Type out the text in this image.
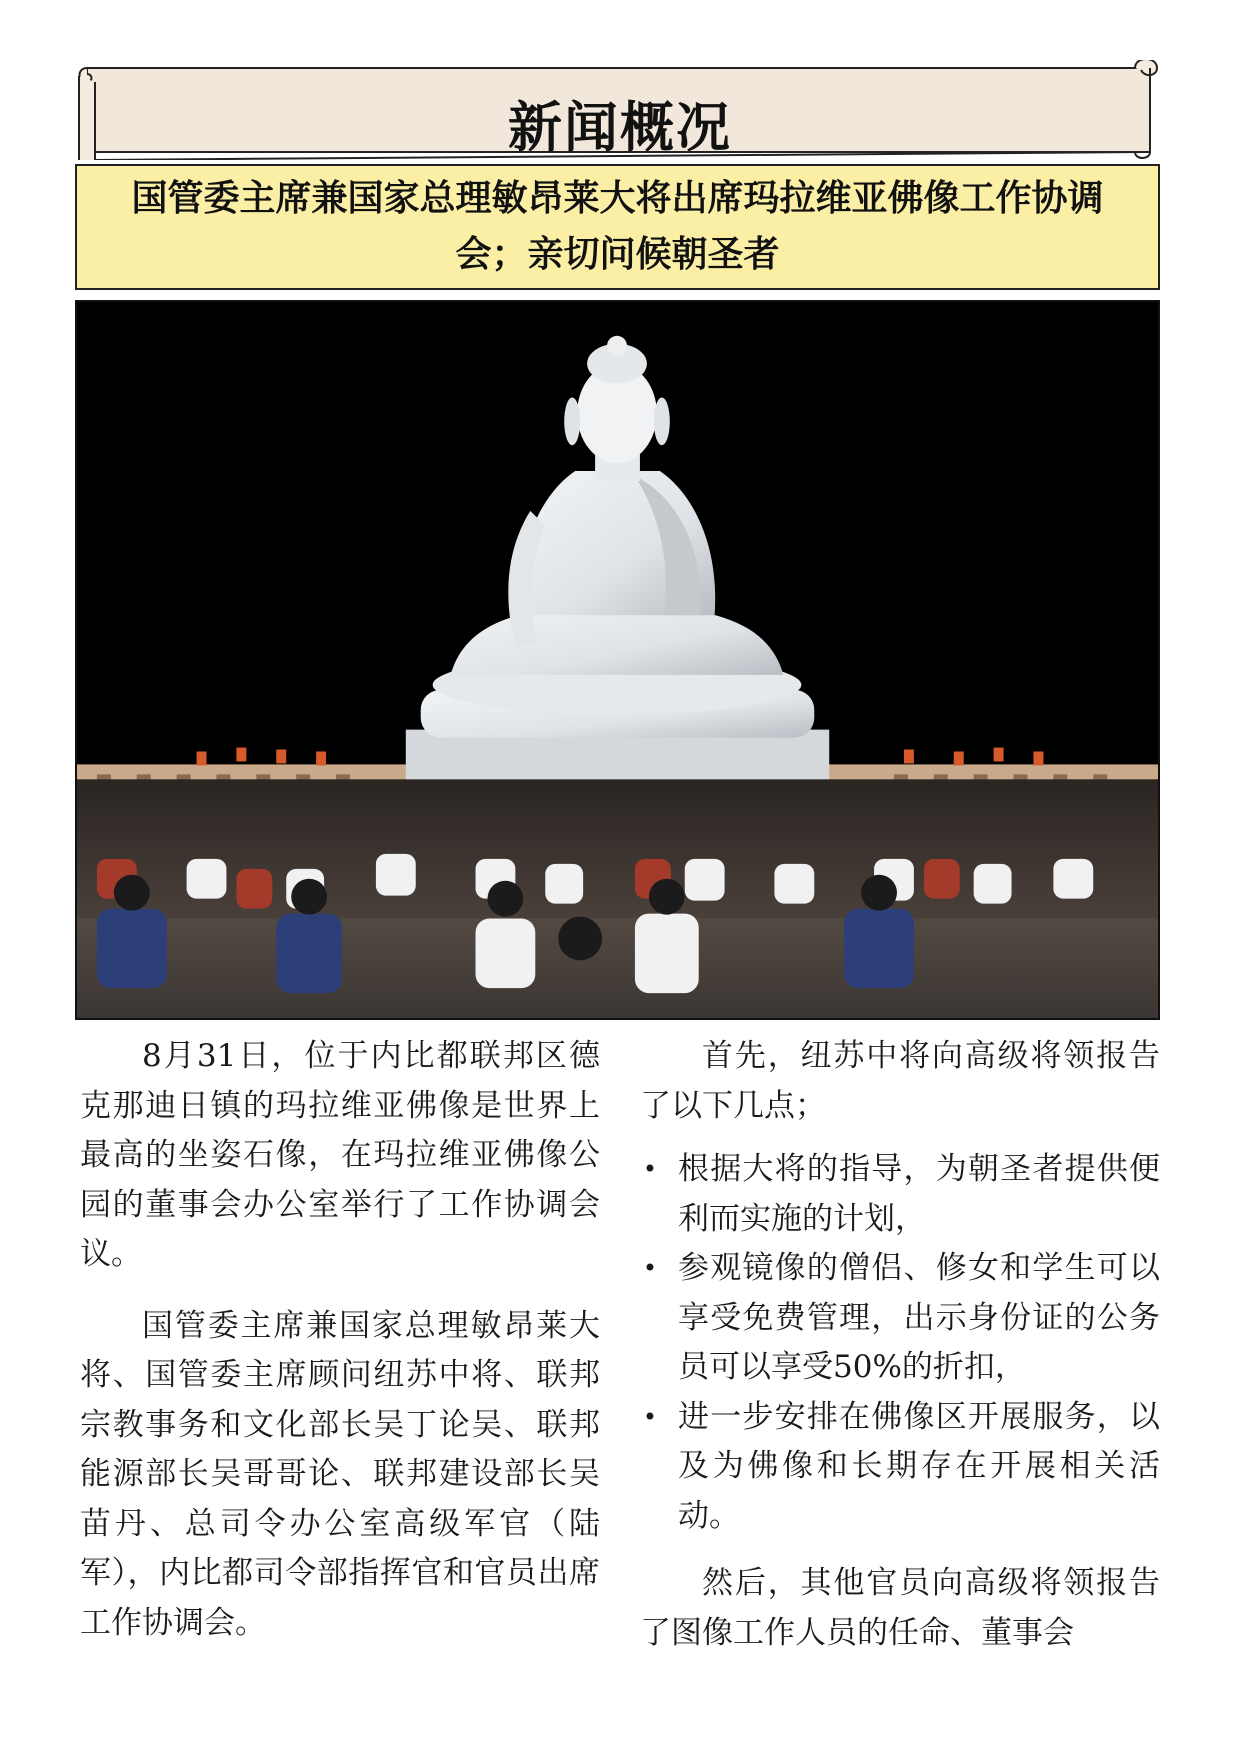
新闻概况
国管委主席兼国家总理敏昂莱大将出席玛拉维亚佛像工作协调会；亲切问候朝圣者

8月31日，位于内比都联邦区德克那迪日镇的玛拉维亚佛像是世界上最高的坐姿石像，在玛拉维亚佛像公园的董事会办公室举行了工作协调会议。

国管委主席兼国家总理敏昂莱大将、国管委主席顾问纽苏中将、联邦宗教事务和文化部长吴丁论吴、联邦能源部长吴哥哥论、联邦建设部长吴苗丹、总司令办公室高级军官（陆军），内比都司令部指挥官和官员出席工作协调会。

首先，纽苏中将向高级将领报告了以下几点；

• 根据大将的指导，为朝圣者提供便利而实施的计划，
• 参观镜像的僧侣、修女和学生可以享受免费管理，出示身份证的公务员可以享受50%的折扣，
• 进一步安排在佛像区开展服务，以及为佛像和长期存在开展相关活动。

然后，其他官员向高级将领报告了图像工作人员的任命、董事会
